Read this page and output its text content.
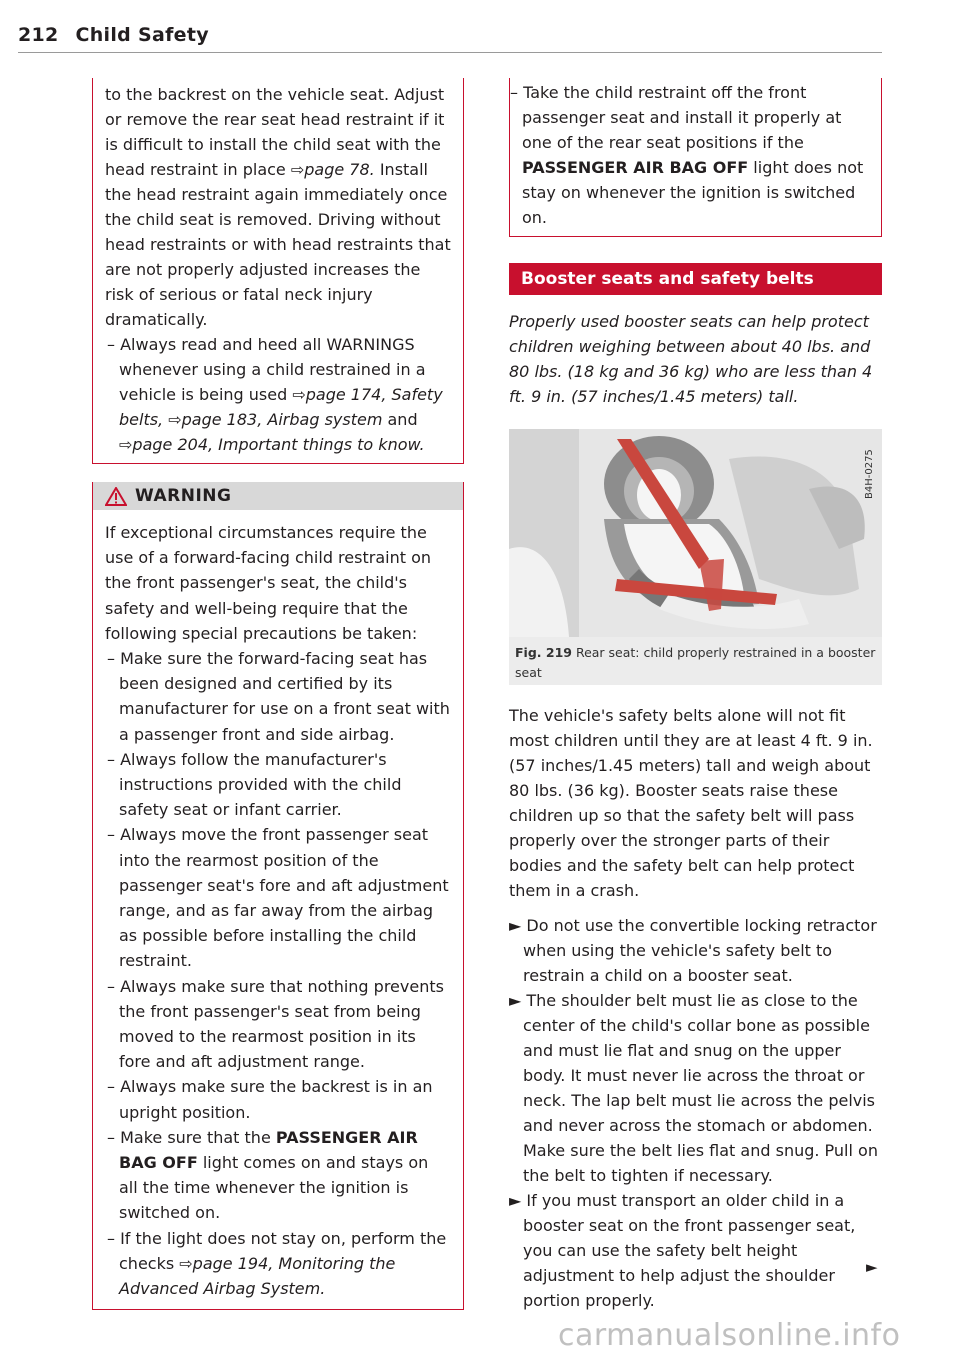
212 Child Safety

to the backrest on the vehicle seat. Adjust or remove the rear seat head restraint if it is difficult to install the child seat with the head restraint in place ⇨page 78. Install the head restraint again immediately once the child seat is removed. Driving without head restraints or with head restraints that are not properly adjusted increases the risk of serious or fatal neck injury dramatically.

– Always read and heed all WARNINGS whenever using a child restrained in a vehicle is being used ⇨page 174, Safety belts, ⇨page 183, Airbag system and ⇨page 204, Important things to know.

WARNING

If exceptional circumstances require the use of a forward-facing child restraint on the front passenger's seat, the child's safety and well-being require that the following special precautions be taken:

– Make sure the forward-facing seat has been designed and certified by its manufacturer for use on a front seat with a passenger front and side airbag.

– Always follow the manufacturer's instructions provided with the child safety seat or infant carrier.

– Always move the front passenger seat into the rearmost position of the passenger seat's fore and aft adjustment range, and as far away from the airbag as possible before installing the child restraint.

– Always make sure that nothing prevents the front passenger's seat from being moved to the rearmost position in its fore and aft adjustment range.

– Always make sure the backrest is in an upright position.

– Make sure that the PASSENGER AIR BAG OFF light comes on and stays on all the time whenever the ignition is switched on.

– If the light does not stay on, perform the checks ⇨page 194, Monitoring the Advanced Airbag System.

– Take the child restraint off the front passenger seat and install it properly at one of the rear seat positions if the PASSENGER AIR BAG OFF light does not stay on whenever the ignition is switched on.
Booster seats and safety belts
Properly used booster seats can help protect children weighing between about 40 lbs. and 80 lbs. (18 kg and 36 kg) who are less than 4 ft. 9 in. (57 inches/1.45 meters) tall.
B4H-0275
Fig. 219 Rear seat: child properly restrained in a booster seat
The vehicle's safety belts alone will not fit most children until they are at least 4 ft. 9 in. (57 inches/1.45 meters) tall and weigh about 80 lbs. (36 kg). Booster seats raise these children up so that the safety belt will pass properly over the stronger parts of their bodies and the safety belt can help protect them in a crash.
► Do not use the convertible locking retractor when using the vehicle's safety belt to restrain a child on a booster seat.
► The shoulder belt must lie as close to the center of the child's collar bone as possible and must lie flat and snug on the upper body. It must never lie across the throat or neck. The lap belt must lie across the pelvis and never across the stomach or abdomen. Make sure the belt lies flat and snug. Pull on the belt to tighten if necessary.
► If you must transport an older child in a booster seat on the front passenger seat, you can use the safety belt height adjustment to help adjust the shoulder portion properly.
►
carmanualsonline.info
